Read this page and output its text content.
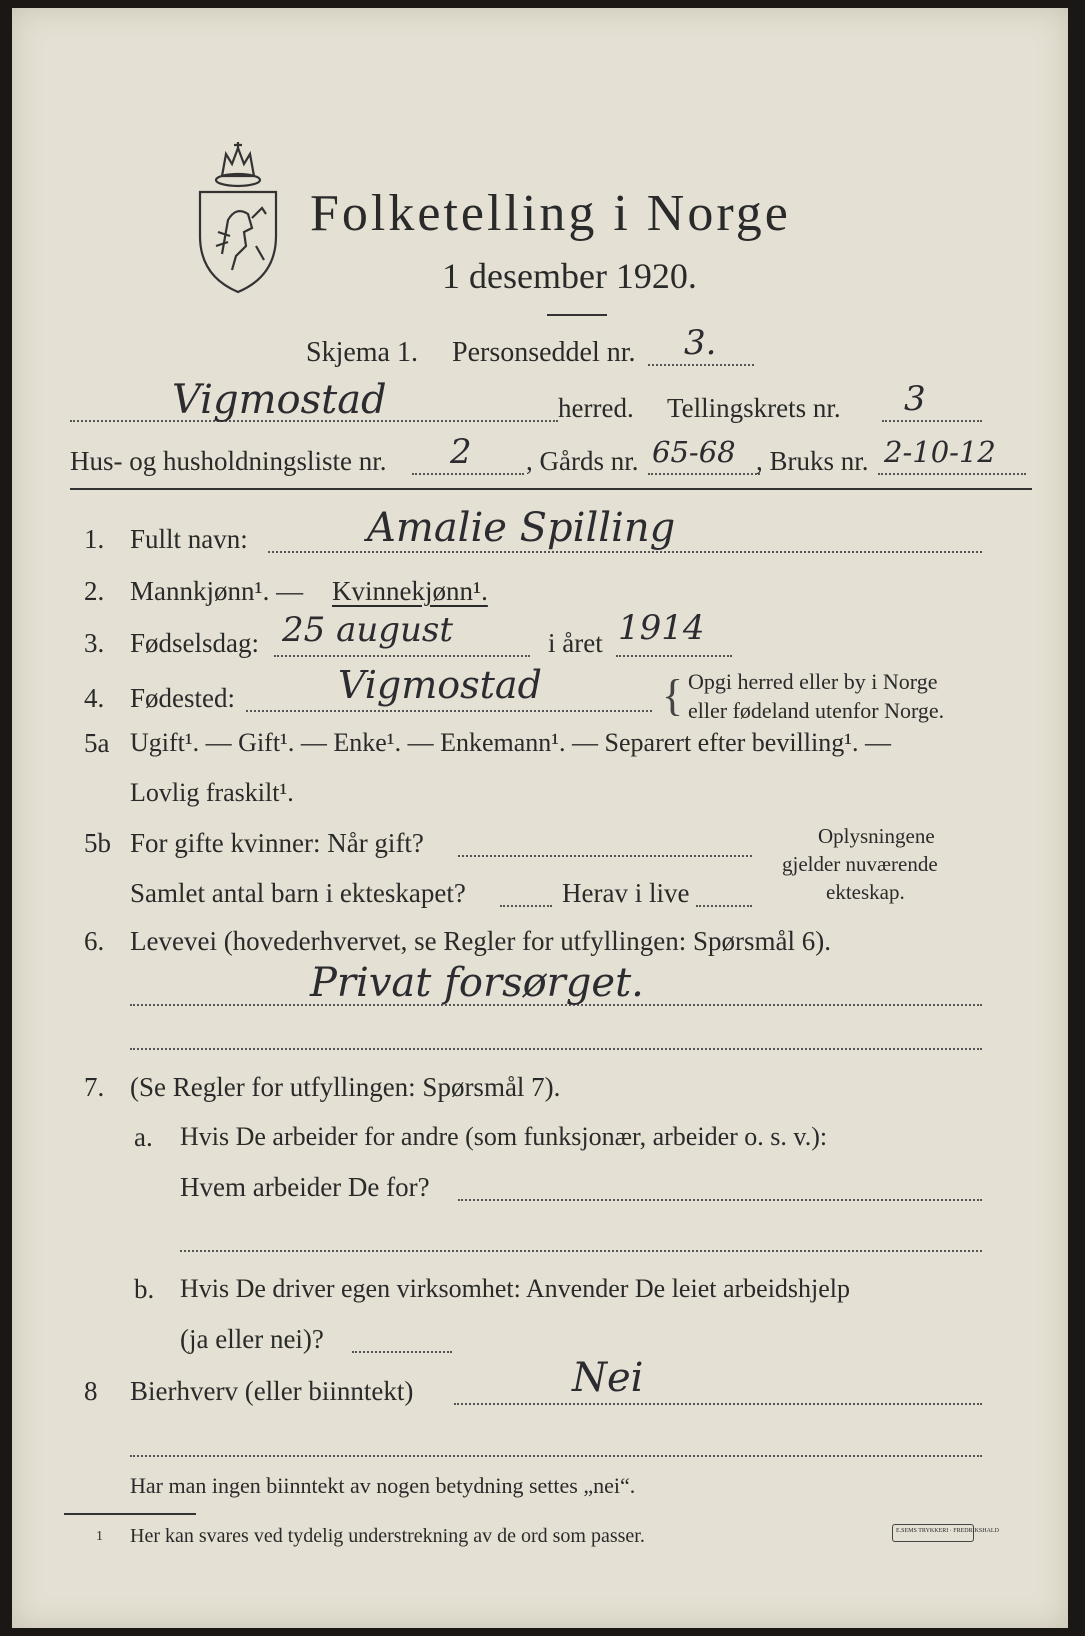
Folketelling i Norge
1 desember 1920.
Skjema 1. Personseddel nr. 3.
Vigmostad	herred. Tellingskrets nr. 3
Hus- og husholdningsliste nr. 2 , Gårds nr. 65-68 , Bruks nr. 2-10-12
1. Fullt navn:	Amalie Spilling
2. Mannkjønn¹. — Kvinnekjønn¹.
3. Fødselsdag: 25 august	i året 1914
4. Fødested:	Vigmostad	{ Opgi herred eller by i Norge
eller fødeland utenfor Norge.
5a Ugift¹. — Gift¹. — Enke¹. — Enkemann¹. — Separert efter bevilling¹. —
Lovlig fraskilt¹.
5b For gifte kvinner: Når gift?
Samlet antal barn i ekteskapet?	Herav i live
Oplysningene
gjelder nuværende
ekteskap.
6. Levevei (hovederhvervet, se Regler for utfyllingen: Spørsmål 6).
Privat forsørget.
7. (Se Regler for utfyllingen: Spørsmål 7).
a. Hvis De arbeider for andre (som funksjonær, arbeider o. s. v.):
Hvem arbeider De for?
b. Hvis De driver egen virksomhet: Anvender De leiet arbeidshjelp
(ja eller nei)?
8 Bierhverv (eller biinntekt)	Nei
Har man ingen biinntekt av nogen betydning settes „nei“.
1 Her kan svares ved tydelig understrekning av de ord som passer.	E.SEMS TRYKKERI · FREDRIKSHALD
